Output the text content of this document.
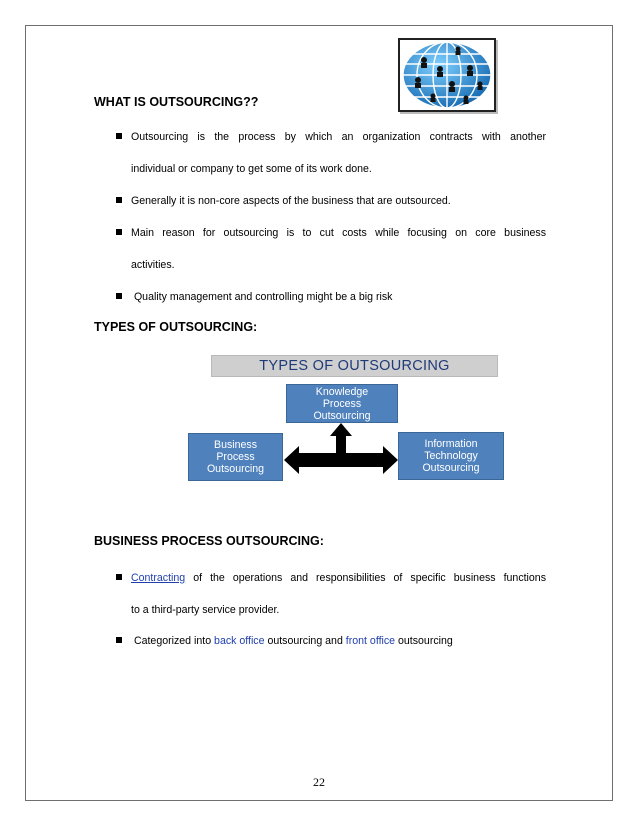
WHAT IS OUTSOURCING??
Outsourcing is the process by which an organization contracts with another
individual or company to get some of its work done.
Generally it is non-core aspects of the business that are outsourced.
Main reason for outsourcing is to cut costs while focusing on core business
activities.
Quality management and controlling might be a big risk
TYPES OF OUTSOURCING:
TYPES OF OUTSOURCING
Knowledge
Process
Outsourcing
Business
Process
Outsourcing
Information
Technology
Outsourcing
BUSINESS PROCESS OUTSOURCING:
Contracting of the operations and responsibilities of specific business functions
to a third-party service provider.
Categorized into back office outsourcing and front office outsourcing
22
